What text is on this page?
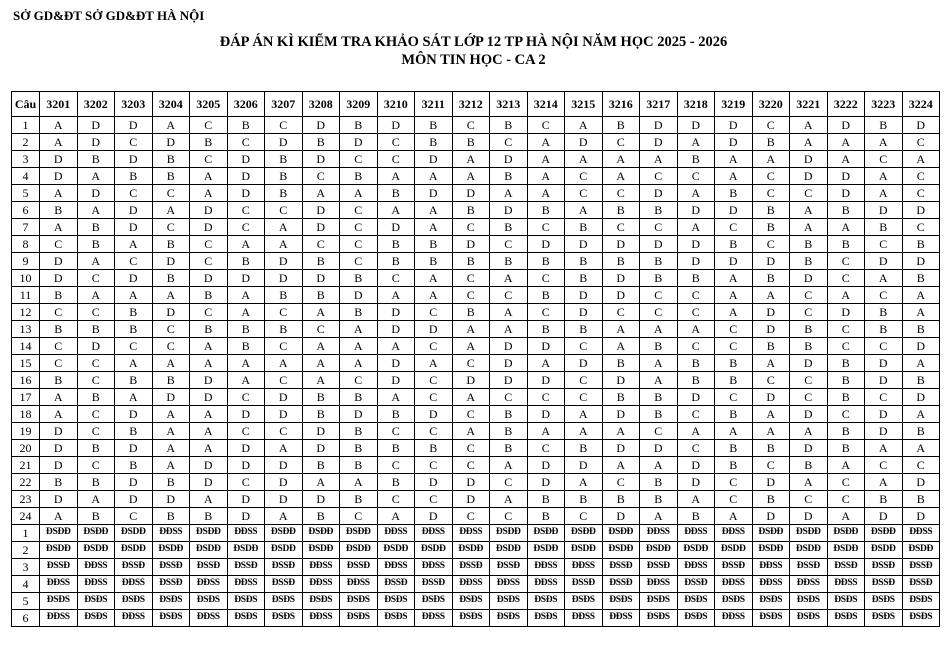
SỞ GD&ĐT SỞ GD&ĐT HÀ NỘI
ĐÁP ÁN KÌ KIỂM TRA KHẢO SÁT LỚP 12 TP HÀ NỘI NĂM HỌC 2025 - 2026
MÔN TIN HỌC - CA 2
Câu	3201	3202	3203	3204	3205	3206	3207	3208	3209	3210	3211	3212	3213	3214	3215	3216	3217	3218	3219	3220	3221	3222	3223	3224
1	A	D	D	A	C	B	C	D	B	D	B	C	B	C	A	B	D	D	D	C	A	D	B	D
2	A	D	C	D	B	C	D	B	D	C	B	B	C	A	D	C	D	A	D	B	A	A	A	C
3	D	B	D	B	C	D	B	D	C	C	D	A	D	A	A	A	A	B	A	A	D	A	C	A
4	D	A	B	B	A	D	B	C	B	A	A	A	B	A	C	A	C	C	A	C	D	D	A	C
5	A	D	C	C	A	D	B	A	A	B	D	D	A	A	C	C	D	A	B	C	C	D	A	C
6	B	A	D	A	D	C	C	D	C	A	A	B	D	B	A	B	B	D	D	B	A	B	D	D
7	A	B	D	C	D	C	A	D	C	D	A	C	B	C	B	C	C	A	C	B	A	A	B	C
8	C	B	A	B	C	A	A	C	C	B	B	D	C	D	D	D	D	D	B	C	B	B	C	B
9	D	A	C	D	C	B	D	B	C	B	B	B	B	B	B	B	B	D	D	D	B	C	D	D
10	D	C	D	B	D	D	D	D	B	C	A	C	A	C	B	D	B	B	A	B	D	C	A	B
11	B	A	A	A	B	A	B	B	D	A	A	C	C	B	D	D	C	C	A	A	C	A	C	A
12	C	C	B	D	C	A	C	A	B	D	C	B	A	C	D	C	C	C	A	D	C	D	B	A
13	B	B	B	C	B	B	B	C	A	D	D	A	A	B	B	A	A	A	C	D	B	C	B	B
14	C	D	C	C	A	B	C	A	A	A	C	A	D	D	C	A	B	C	C	B	B	C	C	D
15	C	C	A	A	A	A	A	A	A	D	A	C	D	A	D	B	A	B	B	A	D	B	D	A
16	B	C	B	B	D	A	C	A	C	D	C	D	D	D	C	D	A	B	B	C	C	B	D	B
17	A	B	A	D	D	C	D	B	B	A	C	A	C	C	C	B	B	D	C	D	C	B	C	D
18	A	C	D	A	A	D	D	B	D	B	D	C	B	D	A	D	B	C	B	A	D	C	D	A
19	D	C	B	A	A	C	C	D	B	C	C	A	B	A	A	A	C	A	A	A	A	B	D	B
20	D	B	D	A	A	D	A	D	B	B	B	C	B	C	B	D	D	C	B	B	D	B	A	A
21	D	C	B	A	D	D	D	B	B	C	C	C	A	D	D	A	A	D	B	C	B	A	C	C
22	B	B	D	B	D	C	D	A	A	B	D	D	C	D	A	C	B	D	C	D	A	C	A	D
23	D	A	D	D	A	D	D	D	B	C	C	D	A	B	B	B	B	A	C	B	C	C	B	B
24	A	B	C	B	B	D	A	B	C	A	D	C	C	B	C	D	A	B	A	D	D	A	D	D
1	ĐSĐĐ	ĐSĐĐ	ĐSDĐ	ĐĐSS	ĐSĐĐ	ĐĐSS	ĐSĐĐ	ĐSĐĐ	ĐSĐĐ	ĐĐSS	ĐĐSS	ĐĐSS	ĐSĐĐ	ĐSĐĐ	ĐSĐĐ	ĐSĐĐ	ĐĐSS	ĐĐSS	ĐĐSS	ĐSĐĐ	ĐSĐĐ	ĐSĐĐ	ĐSĐĐ	ĐĐSS
2	ĐSDĐ	ĐSDĐ	ĐSDĐ	ĐSDĐ	ĐSDĐ	ĐSDĐ	ĐSDĐ	ĐSDĐ	ĐSDĐ	ĐSDĐ	ĐSDĐ	ĐSDĐ	ĐSDĐ	ĐSDĐ	ĐSDĐ	ĐSDĐ	ĐSDĐ	ĐSDĐ	ĐSDĐ	ĐSDĐ	ĐSDĐ	ĐSDĐ	ĐSDĐ	ĐSDĐ
3	ĐSSĐ	ĐĐSS	ĐSSĐ	ĐSSĐ	ĐSSĐ	ĐSSĐ	ĐSSĐ	ĐĐSS	ĐSSĐ	ĐĐSS	ĐĐSS	ĐSSĐ	ĐSSĐ	ĐĐSS	ĐĐSS	ĐSSĐ	ĐSSĐ	ĐĐSS	ĐSSĐ	ĐĐSS	ĐSSĐ	ĐSSĐ	ĐSSĐ	ĐSSĐ
4	ĐĐSS	ĐĐSS	ĐĐSS	ĐSSĐ	ĐĐSS	ĐĐSS	ĐSSĐ	ĐĐSS	ĐĐSS	ĐSSĐ	ĐSSĐ	ĐĐSS	ĐĐSS	ĐĐSS	ĐSSĐ	ĐSSĐ	ĐĐSS	ĐSSĐ	ĐĐSS	ĐĐSS	ĐĐSS	ĐĐSS	ĐSSĐ	ĐSSĐ
5	ĐSĐS	ĐSĐS	ĐSĐS	ĐSĐS	ĐSĐS	ĐSĐS	ĐSĐS	ĐSĐS	ĐSĐS	ĐSĐS	ĐSĐS	ĐSĐS	ĐSĐS	ĐSĐS	ĐSĐS	ĐSĐS	ĐSĐS	ĐSĐS	ĐSĐS	ĐSĐS	ĐSĐS	ĐSĐS	ĐSĐS	ĐSĐS
6	ĐĐSS	ĐSĐS	ĐĐSS	ĐSĐS	ĐĐSS	ĐSĐS	ĐSĐS	ĐĐSS	ĐSĐS	ĐSĐS	ĐĐSS	ĐSĐS	ĐSĐS	ĐSĐS	ĐĐSS	ĐĐSS	ĐSĐS	ĐSĐS	ĐĐSS	ĐSĐS	ĐSĐS	ĐSĐS	ĐSĐS	ĐSĐS
